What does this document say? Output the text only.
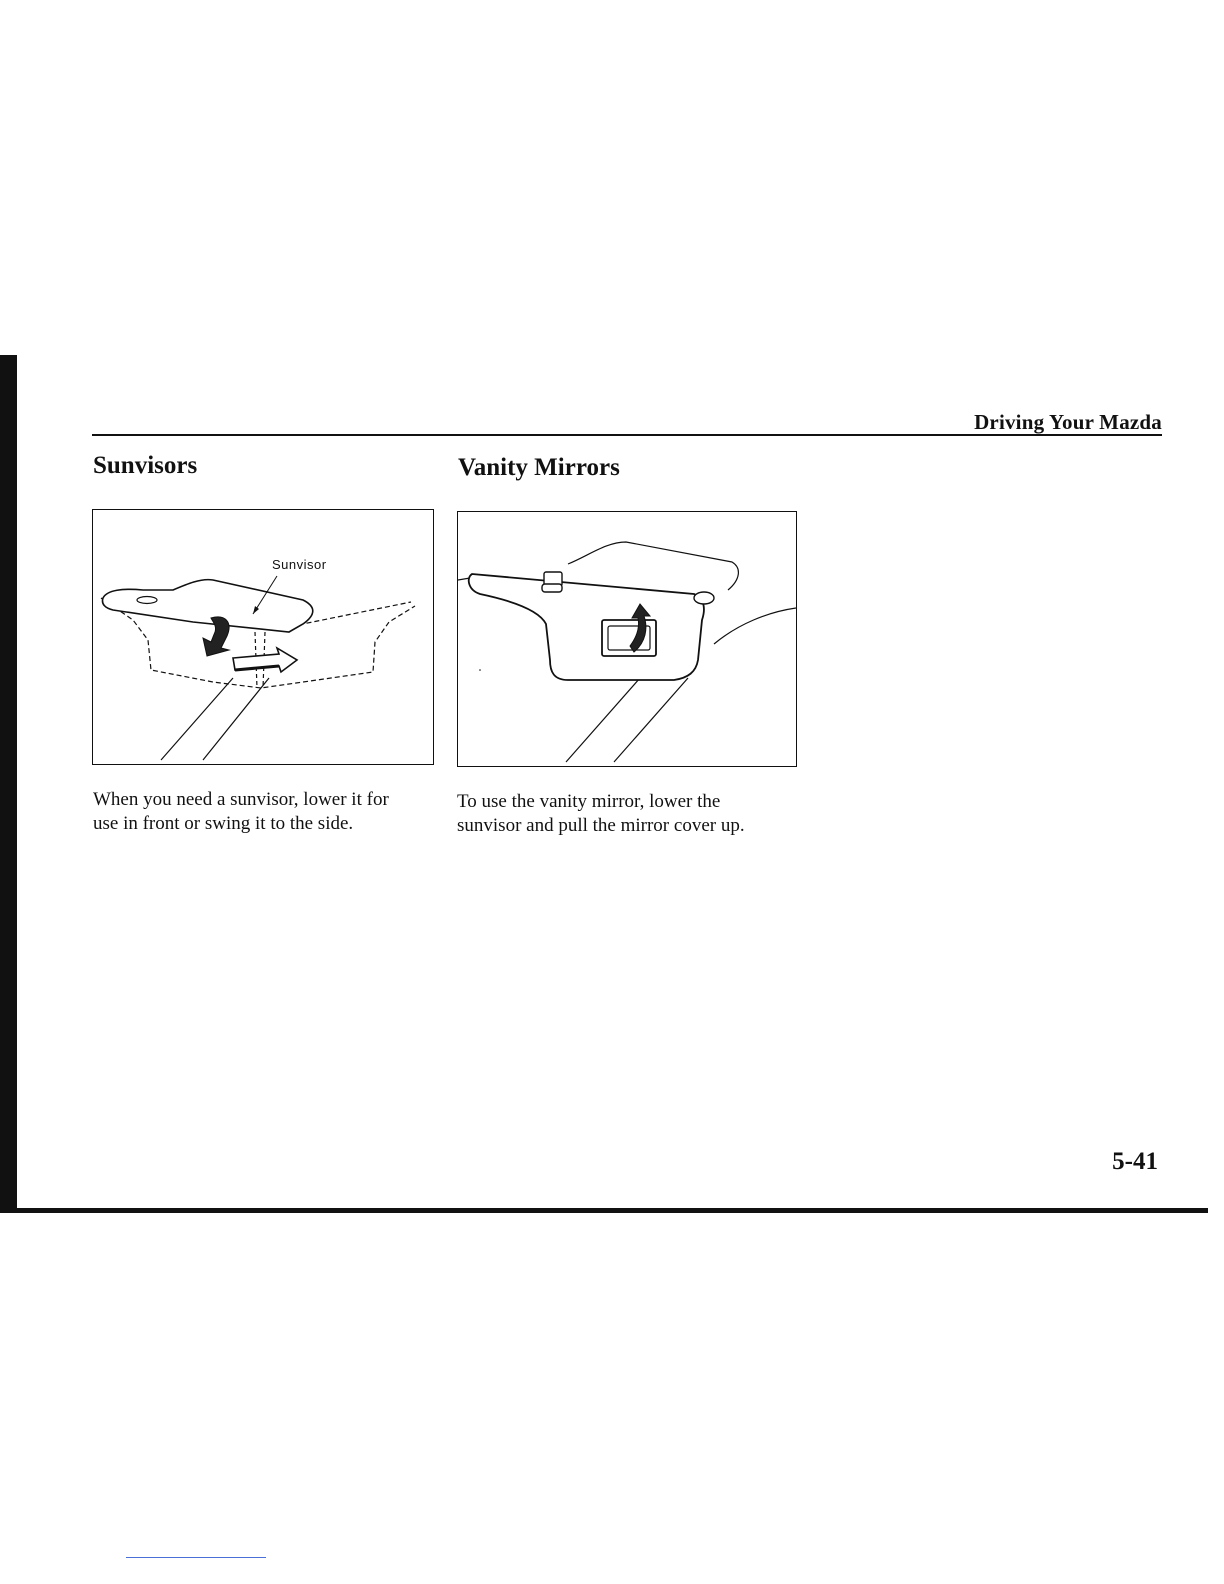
Driving Your Mazda
Sunvisors
Sunvisor
When you need a sunvisor, lower it for
use in front or swing it to the side.
Vanity Mirrors
To use the vanity mirror, lower the
sunvisor and pull the mirror cover up.
5-41
